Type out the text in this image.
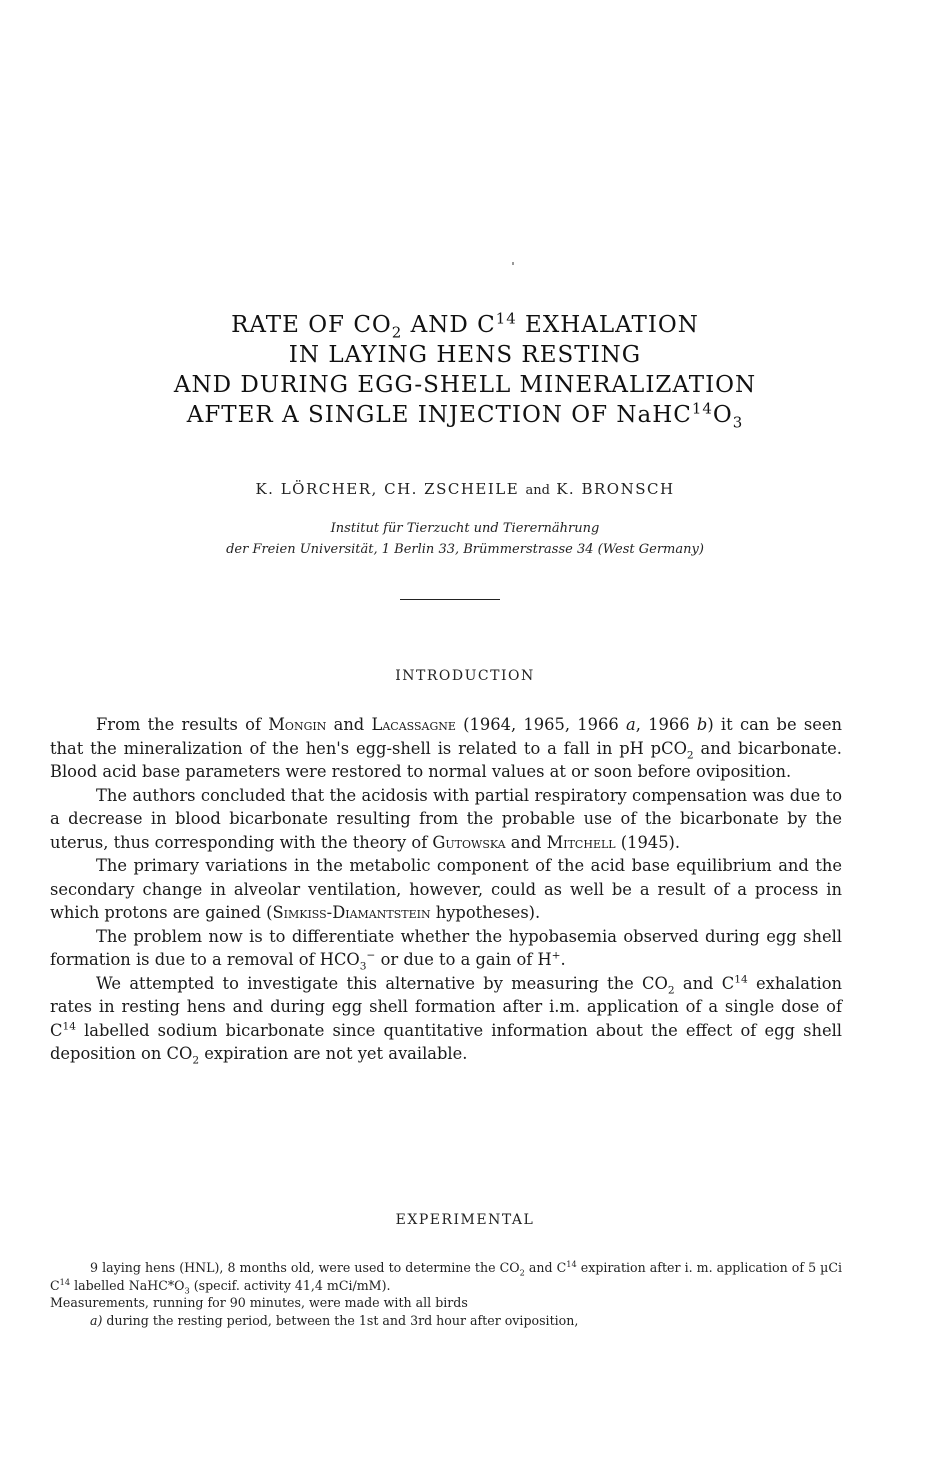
RATE OF $CO_2$ AND $C^{14}$ EXHALATION
IN LAYING HENS RESTING
AND DURING EGG-SHELL MINERALIZATION
AFTER A SINGLE INJECTION OF $NaHC^{14}O_3$
K. LÖRCHER, CH. ZSCHEILE and K. BRONSCH
Institut für Tierzucht und Tierernährung
der Freien Universität, 1 Berlin 33, Brümmerstrasse 34 (West Germany)
INTRODUCTION

From the results of Mongin and Lacassagne (1964, 1965, 1966 a, 1966 b) it can be seen that the mineralization of the hen's egg-shell is related to a fall in pH pCO$_2$ and bicarbonate. Blood acid base parameters were restored to normal values at or soon before oviposition.

The authors concluded that the acidosis with partial respiratory compensation was due to a decrease in blood bicarbonate resulting from the probable use of the bicarbonate by the uterus, thus corresponding with the theory of Gutowska and Mitchell (1945).

The primary variations in the metabolic component of the acid base equilibrium and the secondary change in alveolar ventilation, however, could as well be a result of a process in which protons are gained (Simkiss-Diamantstein hypotheses).

The problem now is to differentiate whether the hypobasemia observed during egg shell formation is due to a removal of $HCO_3^-$ or due to a gain of H+.

We attempted to investigate this alternative by measuring the $CO_2$ and $C^{14}$ exhalation rates in resting hens and during egg shell formation after i.m. application of a single dose of $C^{14}$ labelled sodium bicarbonate since quantitative information about the effect of egg shell deposition on $CO_2$ expiration are not yet available.

EXPERIMENTAL

9 laying hens (HNL), 8 months old, were used to determine the $CO_2$ and $C^{14}$ expiration after i. m. application of 5 µCi $C^{14}$ labelled $NaHC*O_3$ (specif. activity 41,4 mCi/mM).

Measurements, running for 90 minutes, were made with all birds

a) during the resting period, between the 1st and 3rd hour after oviposition,
